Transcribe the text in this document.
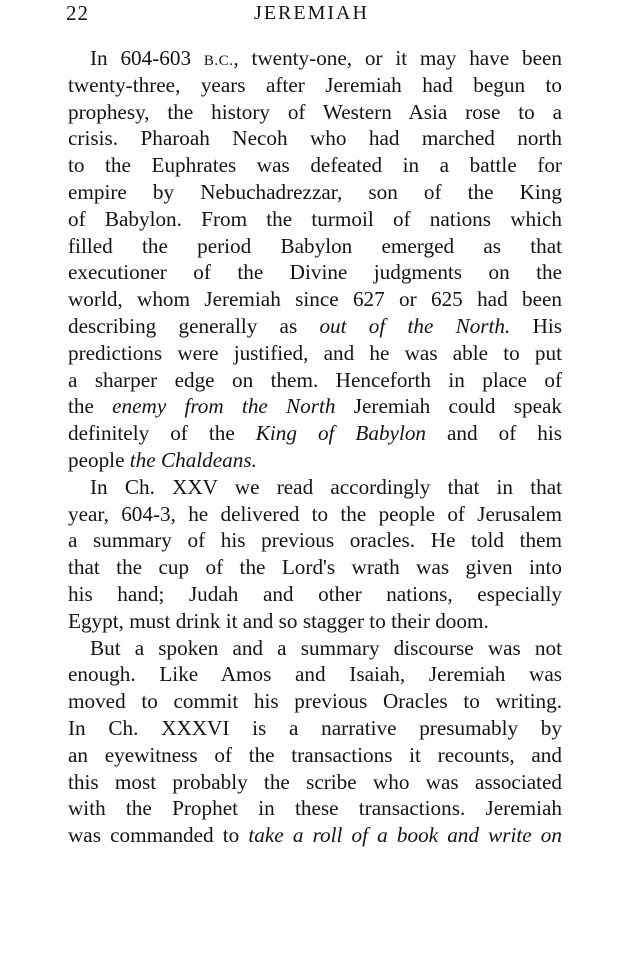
22	JEREMIAH
In 604-603 B.C., twenty-one, or it may have been
twenty-three, years after Jeremiah had begun to
prophesy, the history of Western Asia rose to a
crisis. Pharoah Necoh who had marched north
to the Euphrates was defeated in a battle for
empire by Nebuchadrezzar, son of the King
of Babylon. From the turmoil of nations which
filled the period Babylon emerged as that
executioner of the Divine judgments on the
world, whom Jeremiah since 627 or 625 had been
describing generally as out of the North. His
predictions were justified, and he was able to put
a sharper edge on them. Henceforth in place of
the enemy from the North Jeremiah could speak
definitely of the King of Babylon and of his
people the Chaldeans.
In Ch. XXV we read accordingly that in that
year, 604-3, he delivered to the people of Jerusalem
a summary of his previous oracles. He told them
that the cup of the Lord's wrath was given into
his hand; Judah and other nations, especially
Egypt, must drink it and so stagger to their doom.
But a spoken and a summary discourse was not
enough. Like Amos and Isaiah, Jeremiah was
moved to commit his previous Oracles to writing.
In Ch. XXXVI is a narrative presumably by
an eyewitness of the transactions it recounts, and
this most probably the scribe who was associated
with the Prophet in these transactions. Jeremiah
was commanded to take a roll of a book and write on
